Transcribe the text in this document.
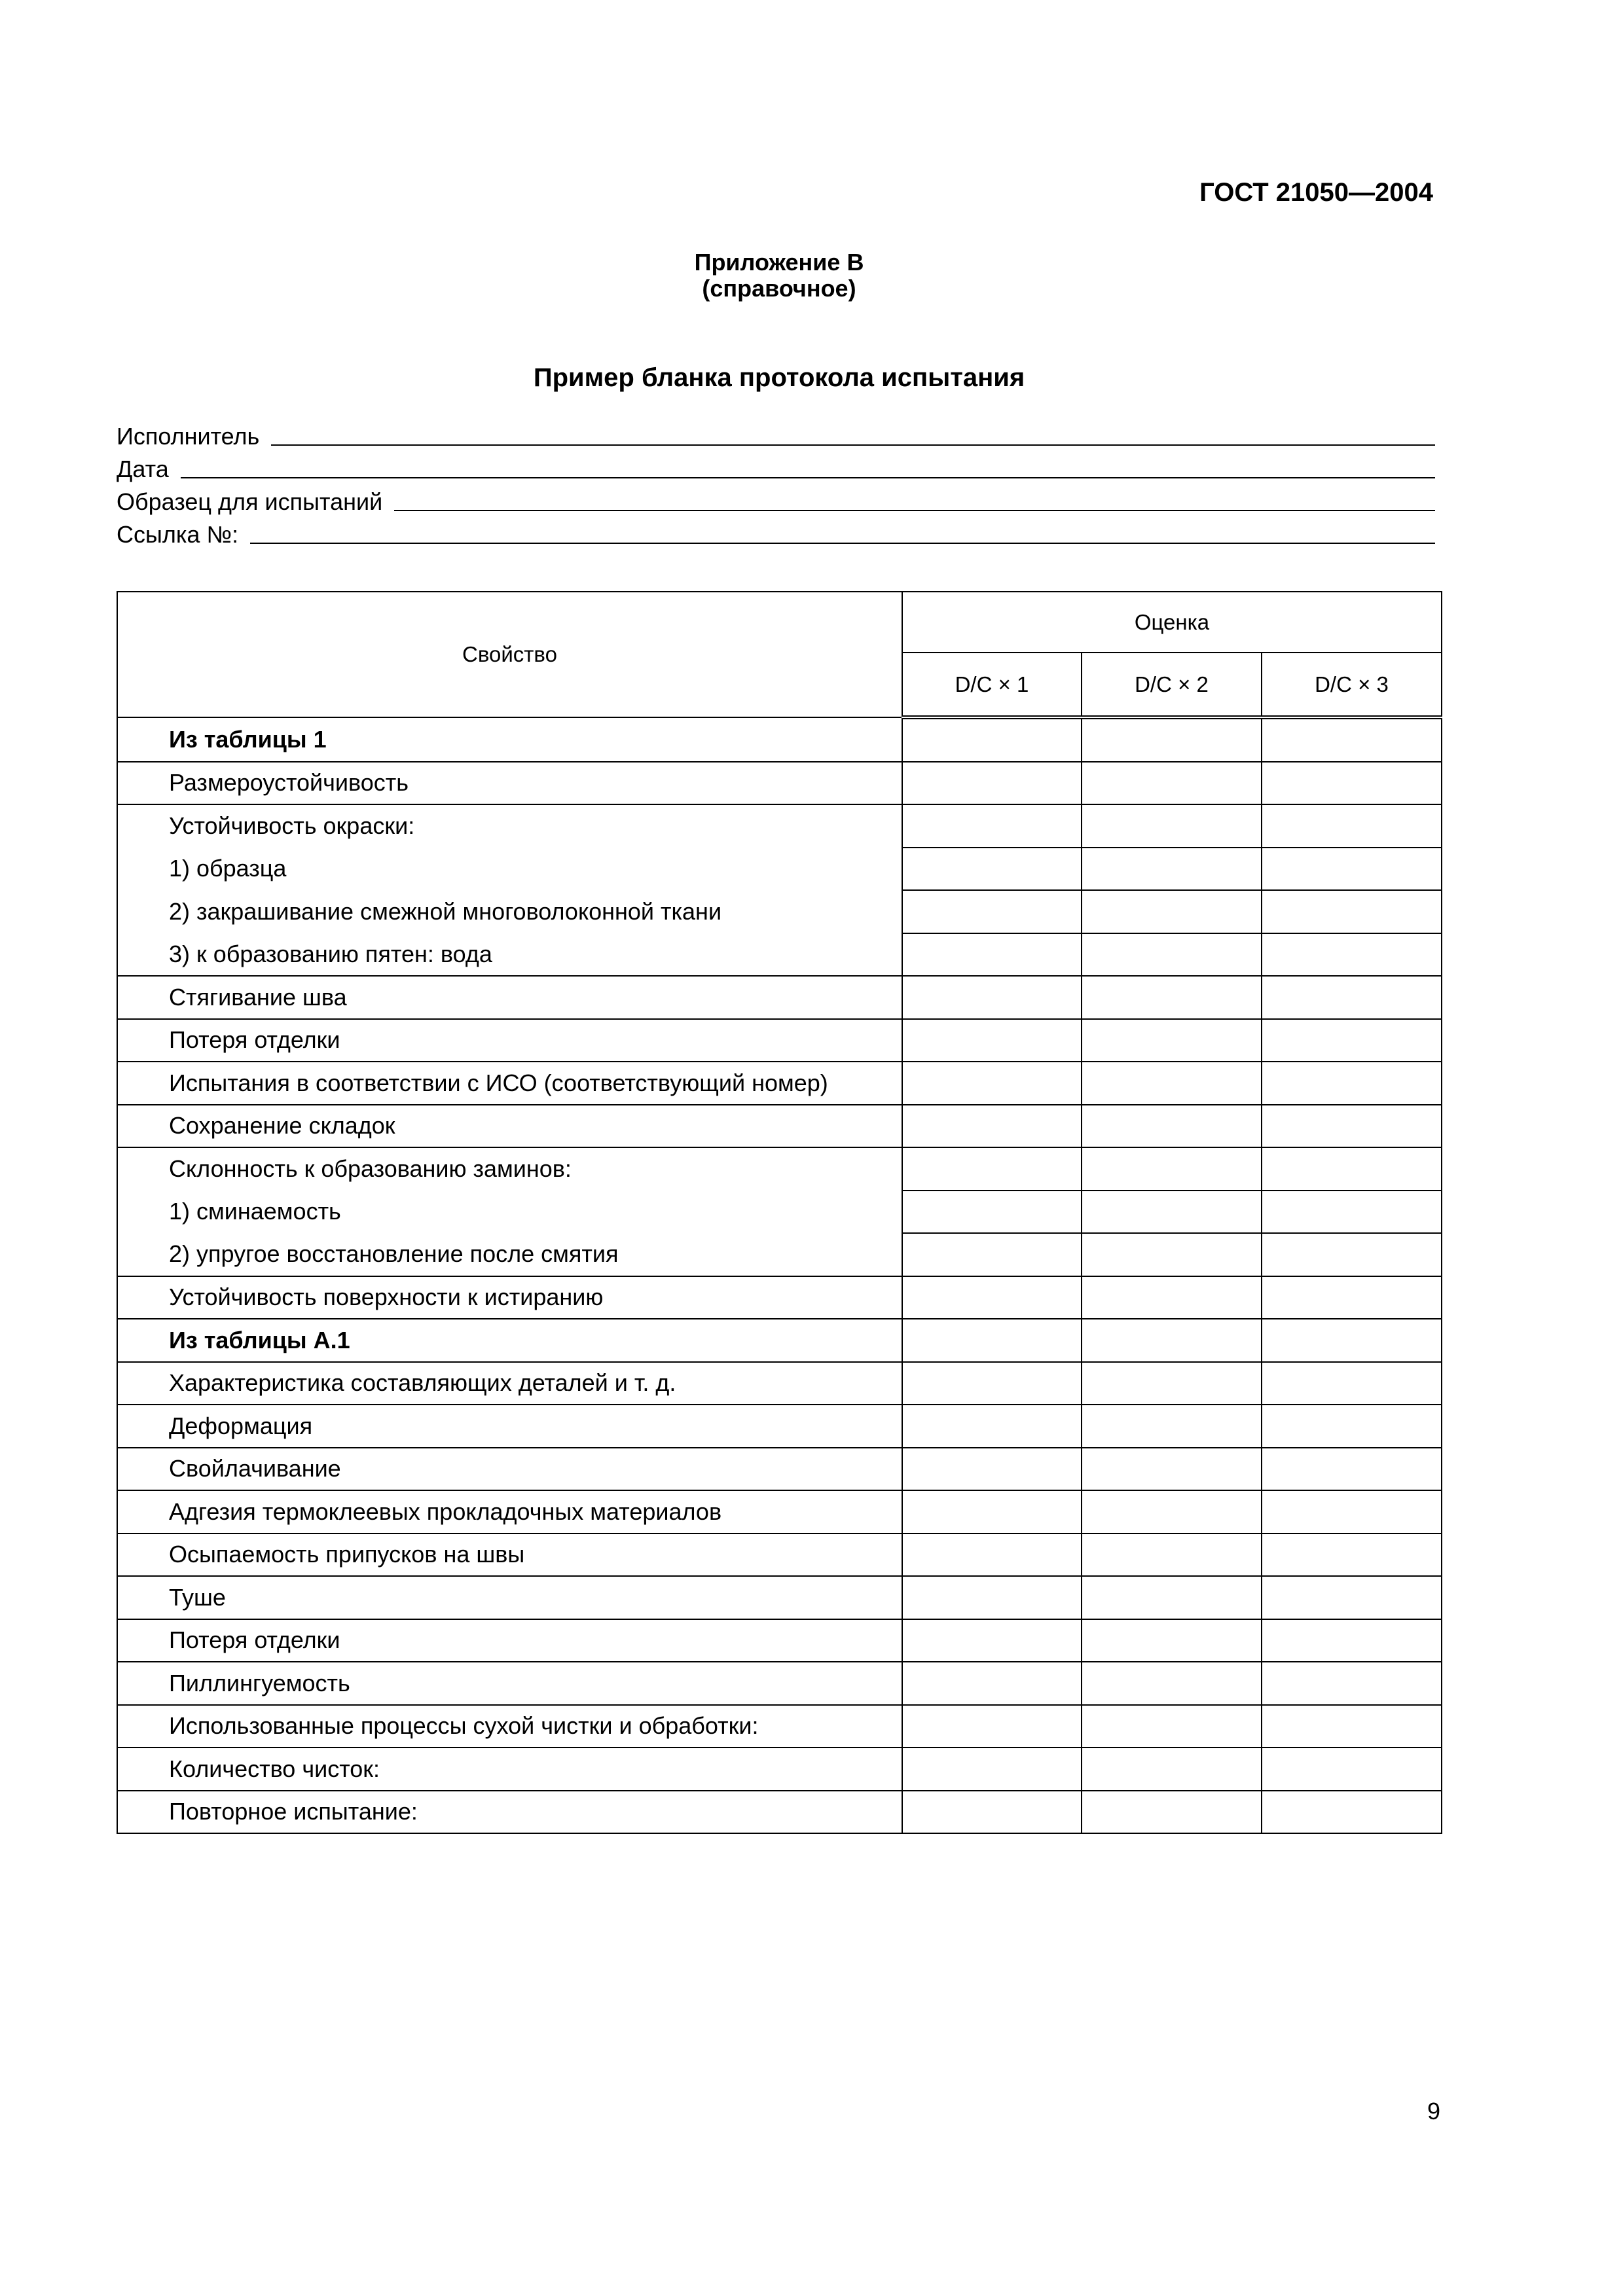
ГОСТ 21050—2004
Приложение В
(справочное)
Пример бланка протокола испытания
Исполнитель
Дата
Образец для испытаний
Ссылка №:
Свойство	Оценка		
	D/C × 1	D/C × 2	D/C × 3
Из таблицы 1			
Размероустойчивость			
Устойчивость окраски:			
1) образца			
2) закрашивание смежной многоволоконной ткани			
3) к образованию пятен: вода			
Стягивание шва			
Потеря отделки			
Испытания в соответствии с ИСО (соответствующий номер)			
Сохранение складок			
Склонность к образованию заминов:			
1) сминаемость			
2) упругое восстановление после смятия			
Устойчивость поверхности к истиранию			
Из таблицы А.1			
Характеристика составляющих деталей и т. д.			
Деформация			
Свойлачивание			
Адгезия термоклеевых прокладочных материалов			
Осыпаемость припусков на швы			
Туше			
Потеря отделки			
Пиллингуемость			
Использованные процессы сухой чистки и обработки:			
Количество чисток:			
Повторное испытание:			
9
